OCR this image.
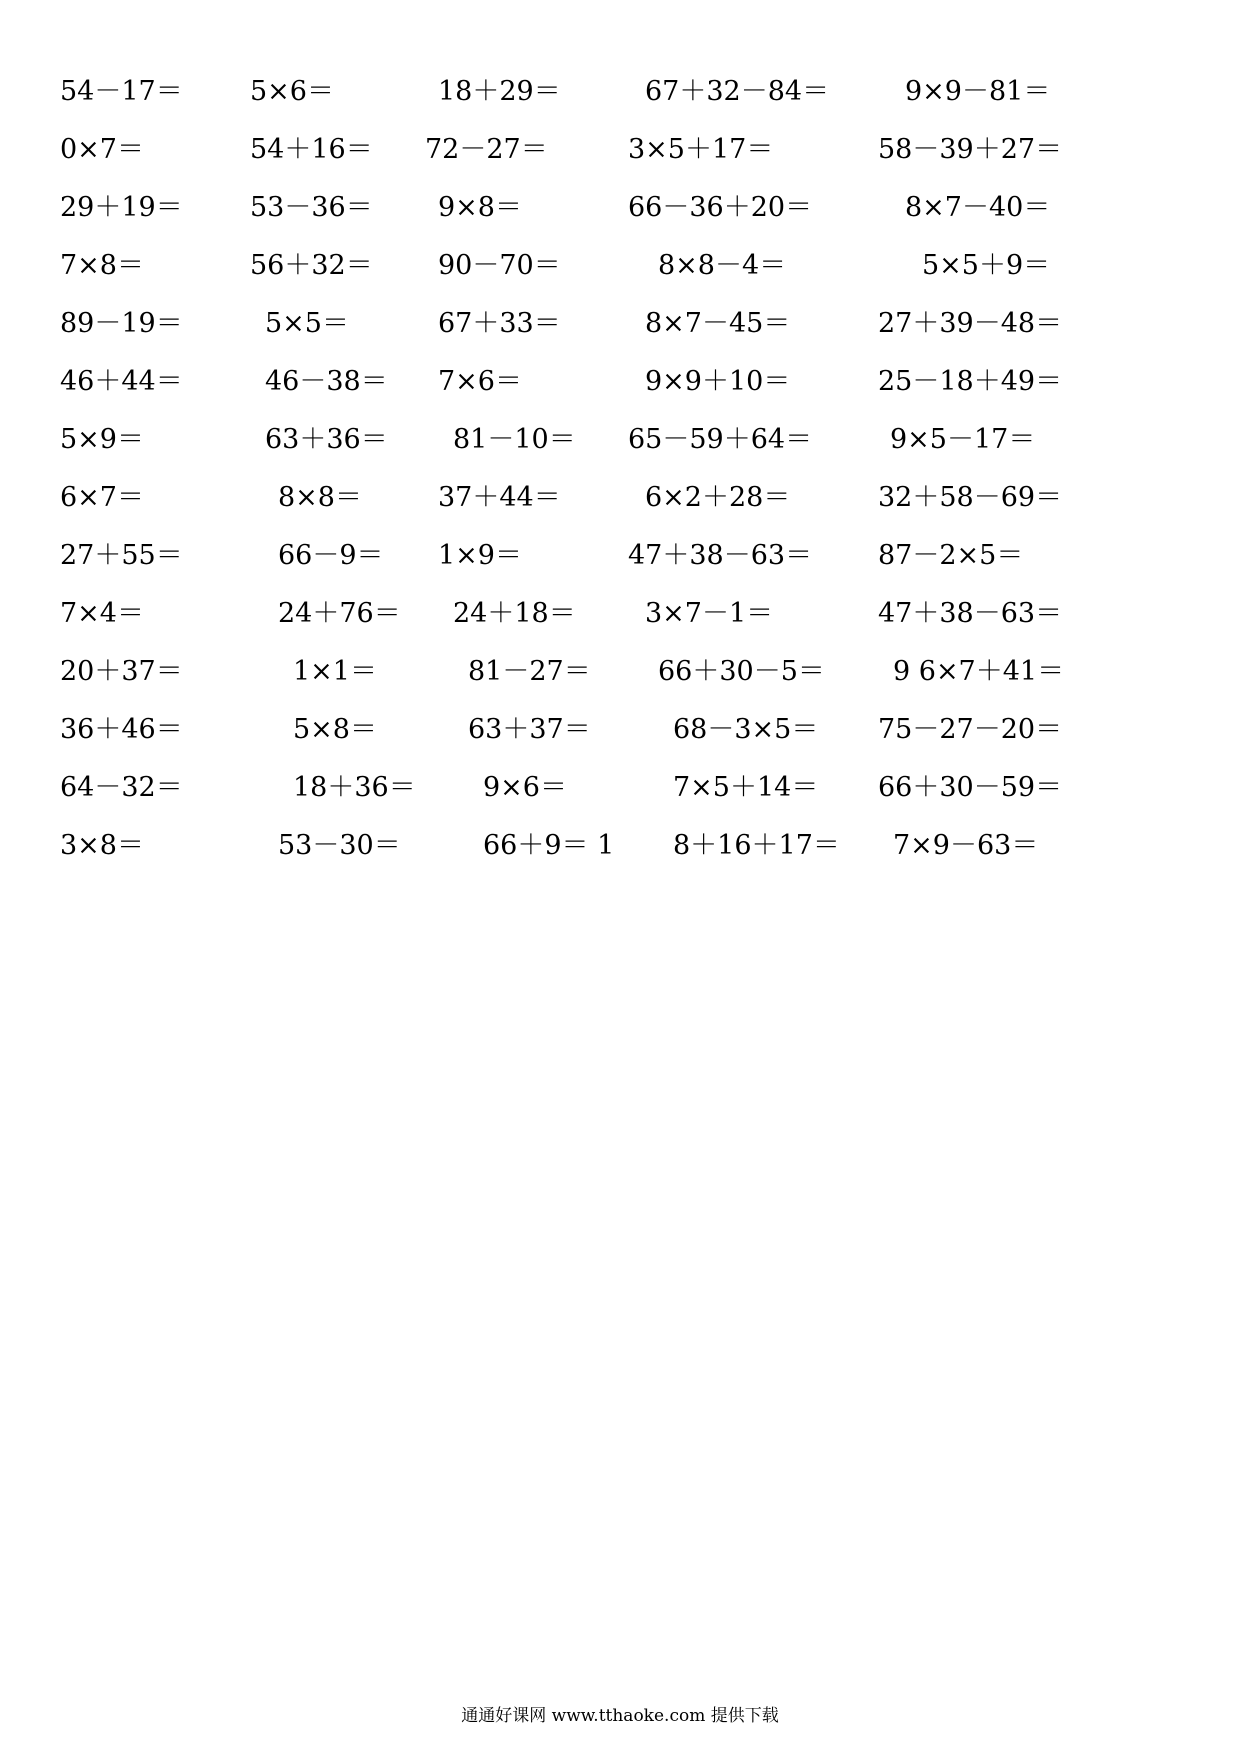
54－17＝ 5×6＝	18＋29＝	67＋32－84＝	9×9－81＝
0×7＝	54＋16＝ 72－27＝	3×5＋17＝	58－39＋27＝
29＋19＝ 53－36＝ 9×8＝	66－36＋20＝	8×7－40＝
7×8＝	56＋32＝ 90－70＝	8×8－4＝	5×5＋9＝
89－19＝	5×5＝	67＋33＝	8×7－45＝	27＋39－48＝
46＋44＝	46－38＝ 7×6＝	9×9＋10＝	25－18＋49＝
5×9＝	63＋36＝ 81－10＝ 65－59＋64＝	9×5－17＝
6×7＝	8×8＝	37＋44＝	6×2＋28＝	32＋58－69＝
27＋55＝	66－9＝ 1×9＝	47＋38－63＝ 87－2×5＝
7×4＝	24＋76＝ 24＋18＝	3×7－1＝	47＋38－63＝
20＋37＝	1×1＝	81－27＝ 66＋30－5＝	9 6×7＋41＝
36＋46＝	5×8＝	63＋37＝	68－3×5＝ 75－27－20＝
64－32＝	18＋36＝ 9×6＝	7×5＋14＝ 66＋30－59＝
3×8＝	53－30＝	66＋9＝ 1 8＋16＋17＝ 7×9－63＝
通通好课网 www.tthaoke.com 提供下载
